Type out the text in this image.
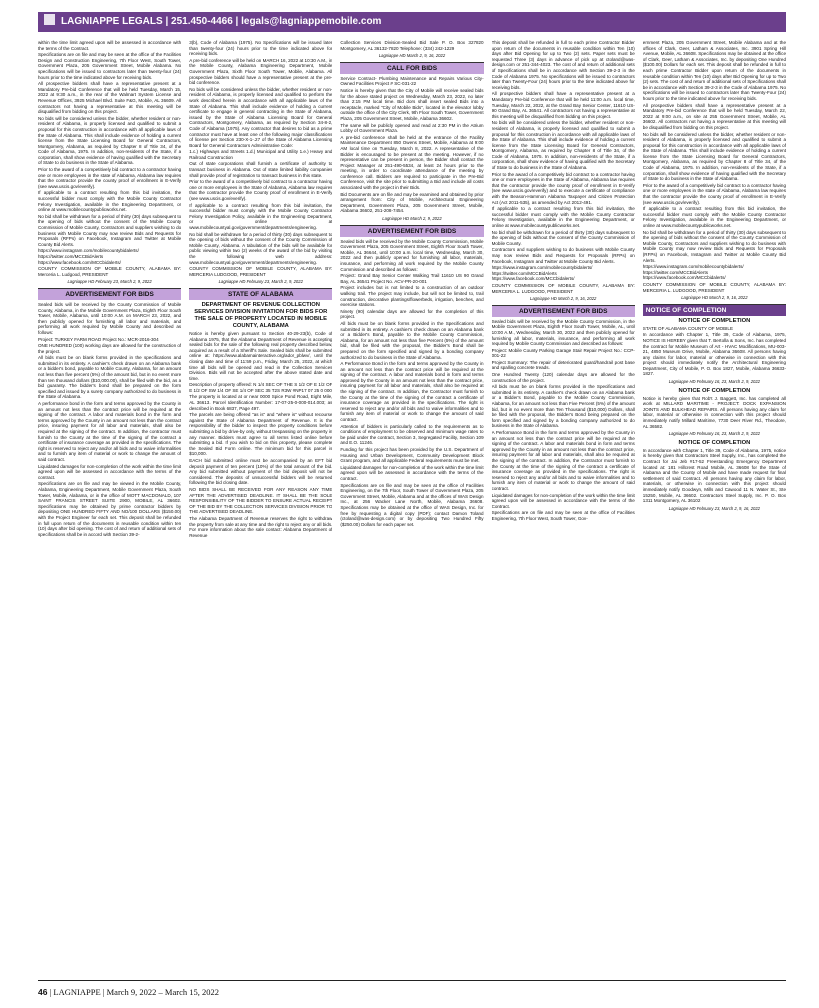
LAGNIAPPE LEGALS | 251.450-4466 | legals@lagniappemobile.com

within the time limit agreed upon will be assessed in accordance with the terms of the Contract.

Specifications are on file and may be seen at the office of the Facilities Design and Construction Engineering, 7th Floor West, South Tower, Government Plaza, 205 Government Street, Mobile Alabama. No specifications will be issued to contractors later than twenty-four (24) hours prior to the time indicated above for receiving bids.

All prospective bidders shall have a representative present at a Mandatory Pre-bid Conference that will be held Tuesday, March 15, 2022 at 9:30 a.m., in the rear of the Walmart System License and Revenue Offices, 3925 Michael Blvd. Suite F&G, Mobile, AL 36609. All contractors not having a representative at this meeting will be disqualified from bidding on this project.

No bids will be considered unless the bidder, whether resident or non-resident of Alabama, is properly licensed and qualified to submit a proposal for this construction in accordance with all applicable laws of the State of Alabama. This shall include evidence of holding a current license from the State Licensing Board for General Contractors, Montgomery, Alabama, as required by Chapter 8 of Title 34, of the Code of Alabama, 1975. In addition, non-residents of the State, if a corporation, shall show evidence of having qualified with the Secretary of State to do business in the State of Alabama.

Prior to the award of a competitively bid contract to a contractor having one or more employees in the state of Alabama, Alabama law requires that the contractor provide the county proof of enrollment in E-Verify (see www.uscis.gov/everify).

If applicable to a contract resulting from this bid invitation, the successful bidder must comply with the Mobile County Contractor Felony Investigation, available in the Engineering Department, or online at www.mobilecountypublicworks.net.

No bid shall be withdrawn for a period of thirty (30) days subsequent to the opening of bids without the consent of the Mobile County Commission of Mobile County, Contractors and suppliers wishing to do business with Mobile County may now review Bids and Requests for Proposals (RFPs) on Facebook, Instagram and Twitter at Mobile County Bid Alerts.

https://www.instagram.com/mobilecountybidalerts/ https://twitter.com/MCCBidAlerts https://www.facebook.com/MCCbidalerts/

COUNTY COMMISSION OF MOBILE COUNTY, ALABAMA BY: Merceria L. Ludgood, PRESIDENT

Lagniappe HD February 23, March 2, 9, 2022
ADVERTISEMENT FOR BIDS

Sealed bids will be received by the County Commission of Mobile County, Alabama, in the Mobile Government Plaza, Eighth Floor South Tower, Mobile, Alabama, until 10:00 A.M. on MARCH 23, 2022, and then publicly opened for furnishing all labor and materials, and performing all work required by Mobile County and described as follows:

Project: TURKEY FARM ROAD Project No.: MCR-2016-304

ONE HUNDRED (100) working days are allowed for the construction of the project.

All bids must be on blank forms provided in the specifications and submitted in its entirety. A cashier's check drawn on an Alabama bank or a bidder's bond, payable to Mobile County, Alabama, for an amount not less than five percent (5%) of the amount bid, but in no event more than ten thousand dollars ($10,000.00), shall be filed with the bid, as a bid guaranty. The bidder's bond shall be prepared on the form specified and issued by a surety company authorized to do business in the State of Alabama.

A performance bond in the form and terms approved by the County in an amount not less than the contract price will be required at the signing of the contract. A labor and materials bond in the form and terms approved by the County in an amount not less than the contract price, insuring payment for all labor and materials, shall also be required at the signing of the contract. In addition, the contractor must furnish to the County at the time of the signing of the contract a certificate of insurance coverage as provided in the specifications. The right is reserved to reject any and/or all bids and to waive informalities and to furnish any item of material or work to change the amount of said contract.

Liquidated damages for non-completion of the work within the time limit agreed upon will be assessed in accordance with the terms of the contract.

Specifications are on file and may be viewed in the Mobile County, Alabama, Engineering Department, Mobile Government Plaza, South Tower, Mobile, Alabama, or in the office of MOTT MACDONALD, 107 SAINT FRANCIS STREET SUITE 2900, MOBILE, AL 36602. Specifications may be obtained by prime contractor bidders by depositing ONE HUNDRED FIFTY AND NO/100 DOLLARS ($150.00) with the Project Engineer for each set. This deposit shall be refunded in full upon return of the documents in reusable condition within ten (10) days after bid opening. The cost of and return of additional sets of specifications shall be in accord with Section 39-2-

3(b), Code of Alabama (1975). No Specifications will be issued later than twenty-four (24) hours prior to the time indicated above for receiving bids.

A pre-bid conference will be held on MARCH 16, 2022 at 10:30 A.M., in the Mobile County, Alabama Engineering Department, Mobile Government Plaza, Sixth Floor South Tower, Mobile, Alabama. All prospective bidders should have a representative present at the pre-bid conference.

No bids will be considered unless the bidder, whether resident or non-resident of Alabama, is properly licensed and qualified to perform the work described herein in accordance with all applicable laws of the State of Alabama. This shall include evidence of holding a current certificate to engage in general contracting in the State of Alabama, issued by the State of Alabama Licensing Board for General Contractors, Montgomery, Alabama, as required by Section 34-8-2, Code of Alabama (1975). Any contractor that desires to bid as a prime contractor must have at least one of the following major classifications of license per Section 230-X-1-.27 of the State of Alabama Licensing Board for General Contractors Administrative Code:

1.c.) Highways and Streets 1.d.) Municipal and Utility 1.e.) Heavy and Railroad Construction

Out of state corporations shall furnish a certificate of authority to transact business in Alabama. Out of state limited liability companies shall provide proof of registration to transact business in this state.

Prior to the award of a competitively bid contract to a contractor having one or more employees in the State of Alabama, Alabama law requires that the contractor provide the County proof of enrollment in E-Verify (see www.uscis.gov/everify).

If applicable to a contract resulting from this bid invitation, the successful bidder must comply with the Mobile County Contractor Felony Investigation Policy, available in the Engineering Department, or online at www.mobilecountyal.gov/government/departments/engineering.

No bid shall be withdrawn for a period of thirty (30) days subsequent to the opening of bids without the consent of the County Commission of Mobile County, Alabama. A tabulation of the bids will be available for public viewing within two (2) weeks of the award of the bid by visiting the following web address: www.mobilecountyal.gov/government/departments/engineering.

COUNTY COMMISSION OF MOBILE COUNTY, ALABAMA BY: MERCERIA LUDGOOD, PRESIDENT

Lagniappe HD February 23, March 2, 9, 2022
STATE OF ALABAMA
DEPARTMENT OF REVENUE COLLECTION SERVICES DIVISION INVITATION FOR BIDS FOR THE SALE OF PROPERTY LOCATED IN MOBILE COUNTY, ALABAMA

Notice is hereby given pursuant to Section 40-29-23(b), Code of Alabama 1975, that the Alabama Department of Revenue is accepting sealed bids for the sale of the following real property described below, acquired as a result of a Sheriff's Sale. Sealed bids shall be submitted online at: https://www.alabamainteractive.org/ador_pblwv/, until the closing date and time of 11:59 p.m., Friday, March 25, 2022, at which time all bids will be opened and read in the Collection Services Division. Bids will not be accepted after the above stated date and time.

Description of property offered: N 1/4 SEC OF THE S 1/2 OF E 1/2 OF E 1/2 OF SW 1/4 OF SE 1/4 OF SEC 35 T2S R3W #NP17 07 25 0 000

The property is located at or near 0000 Spice Pond Road, Eight Mile, AL 36613. Parcel Identification Number: 17-07-25-0-000-014.003; as described in Book 6837, Page 497.

The parcels are being offered "as is" and "where is" without recourse against the State of Alabama Department of Revenue. It is the responsibility of the bidder to inspect the property conditions before submitting a bid by drive-by only, without trespassing on the property in any manner. Bidders must agree to all terms listed online before submitting a bid. If you wish to bid on this property, please complete the Sealed Bid Form online. The minimum bid for this parcel is $10,000.

EACH bid submitted online must be accompanied by an EFT bid deposit payment of ten percent (10%) of the total amount of the bid. Any bid submitted without payment of the bid deposit will not be considered. The deposits of unsuccessful bidders will be returned following the bid closing date.

NO BIDS SHALL BE RECEIVED FOR ANY REASON ANY TIME AFTER THE ADVERTISED DEADLINE. IT SHALL BE THE SOLE RESPONSIBILITY OF THE BIDDER TO ENSURE ACTUAL RECEIPT OF THE BID BY THE COLLECTION SERVICES DIVISION PRIOR TO THE ADVERTISED DEADLINE.

The Alabama Department of Revenue reserves the right to withdraw the property from sale at any time and the right to reject any or all bids. For more information about the sale contact: Alabama Department of Revenue

Collection Services Division-Sealed Bid Sale P. O. Box 327820 Montgomery, AL 36132-7820 Telephone: (334) 242-1229

Lagniappe HD March 2, 9, 16, 2022
CALL FOR BIDS

Service Contract- Plumbing Maintenance and Repairs Various City-Owned Facilities Project # SC-031-22

Notice is hereby given that the City of Mobile will receive sealed bids for the above stated project on Wednesday, March 23, 2022, no later than 2:15 PM local time. Bid dors shall insert sealed Bids into a receptacle, marked "City of Mobile Bids", located in the elevator lobby outside the office of the City Clerk, 9th Floor South Tower, Government Plaza, 205 Government Street, Mobile, Alabama 36602.

The same will be publicly opened and read at 2:30 PM in the Atrium Lobby of Government Plaza.

A pre-bid conference shall be held at the entrance of the Facility Maintenance Department 850 Owens Street, Mobile, Alabama at 9:00 AM local time on Tuesday, March 8, 2022. A representative of the Bidder is encouraged to be present at the meeting. However, if no representative can be present in person, the Bidder shall contact the Project Manager at 251-490-5534, at least 24 hours prior to the meeting, in order to coordinate attendance of the meeting by conference call. Bidders are required to participate in the Pre-Bid Conference, visit the site prior to submitting a Bid and include all costs associated with the project in their Bids.

Bid Documents are on file and may be examined and obtained by prior arrangement from: City of Mobile, Architectural Engineering Department, Government Plaza, 205 Government Street, Mobile, Alabama 36602, 251-208-7454.

Lagniappe HD March 2, 9, 2022
ADVERTISEMENT FOR BIDS

Sealed bids will be received by the Mobile County Commission, Mobile Government Plaza, 205 Government Street, Eighth Floor South Tower, Mobile, AL 36644, until 10:00 a.m. local time, Wednesday, March 30, 2022 and then publicly opened for furnishing all labor, materials, insurance, and performing all work required by the Mobile County Commission and described as follows:

Project: Grand Bay Senior Center Walking Trail 11610 US 90 Grand Bay, AL 36541 Project No. ACV-PR-20-001

Project includes but is not limited to a construction of an outdoor walking trail. The project may include, but will not be limited to, trail construction, decorative plantings/flowerbeds, irrigation, benches, and exercise stations.

Ninety (90) calendar days are allowed for the completion of this project.

All bids must be on blank forms provided in the Specifications and submitted in its entirety. A cashier's check drawn on an Alabama bank or a Bidder's Bond, payable to the Mobile County Commission, Alabama, for an amount not less than five Percent (5%) of the amount bid, shall be filed with the proposal, the Bidder's Bond shall be prepared on the form specified and signed by a bonding company authorized to do business in the State of Alabama.

A Performance Bond in the form and terms approved by the County in an amount not less than the contract price will be required at the signing of the contract. A labor and materials bond in form and terms approved by the County in an amount not less than the contract price, insuring payment for all labor and materials, shall also be required at the signing of the contract. In addition, the Contractor must furnish to the County at the time of the signing of the contract a certificate of insurance coverage as provided in the specifications. The right is reserved to reject any and/or all bids and to waive informalities and to furnish any item of material or work to change the amount of said contract.

Attention of bidders is particularly called to the requirements as to conditions of employment to be observed and minimum wage rates to be paid under the contract, Section 3, Segregated Facility, Section 109 and E.O. 11246.

Funding for this project has been provided by the U.S. Department of Housing and Urban Development, Community Development Block Grant program, and all applicable Federal requirements must be met.

Liquidated damages for non-completion of the work within the time limit agreed upon will be assessed in accordance with the terms of the contract.

Specifications are on file and may be seen at the office of Facilities Engineering, on the 7th Floor, South Tower of Government Plaza, 205 Government Street, Mobile, Alabama and at the offices of WAS Design Inc., at 256 Wacker Lane North, Mobile, Alabama 36608. Specifications may be obtained at the office of WAS Design, Inc. for free by requesting a digital copy (PDF); contact Damon Toland (ctoland@was-design.com) or by depositing Two Hundred Fifty ($250.00) Dollars for each paper set.

This deposit shall be refunded in full to each prime Contractor Bidder upon return of the documents in reusable condition within Ten (10) days after Bid Opening for up to Two (2) sets. Paper sets must be requested Three (3) days in advance of pick up at ctoland@was-design.com or 251-344-4023. The cost of and return of additional sets of Specifications shall be in accordance with Section 39-2-3 in the Code of Alabama 1975. No specifications will be issued to contractors later than Twenty-Four (24) hours prior to the time indicated above for receiving bids.

All prospective bidders shall have a representative present at a Mandatory Pre-bid Conference that will be held 11:00 a.m. local time, Tuesday, March 22, 2022, at the Grand Bay Senior Center, 11610 US-90 Grand Bay, AL 36541. All contractors not having a representative at this meeting will be disqualified from bidding on this project.

No bids will be considered unless the bidder, whether resident or non-resident of Alabama, is properly licensed and qualified to submit a proposal for this construction in accordance with all applicable laws of the State of Alabama. This shall include evidence of holding a current license from the State Licensing Board for General Contractors, Montgomery, Alabama, as required by Chapter 8 of Title 34, of the Code of Alabama, 1975. In addition, non-residents of the State, if a corporation, shall show evidence of having qualified with the Secretary of State to do business in the State of Alabama.

Prior to the award of a competitively bid contract to a contractor having one or more employees in the State of Alabama, Alabama law requires that the contractor provide the county proof of enrollment in E-Verify (see www.uscis.gov/everify) and to execute a certificate of compliance with the Beason-Hammon Alabama Taxpayer and Citizen Protection Act (Act 2011-535), as amended by Act 2012-491.

If applicable to a contract resulting from this bid invitation, the successful bidder must comply with the Mobile County Contractor Felony Investigation, available in the Engineering Department, or online at www.mobilecountypublicworks.net.

No bid shall be withdrawn for a period of thirty (30) days subsequent to the opening of bids without the consent of the County Commission of Mobile County.

Contractors and suppliers wishing to do business with Mobile County may now review Bids and Requests for Proposals (RFPs) on Facebook, Instagram and Twitter at Mobile County Bid Alerts.

https://www.instagram.com/mobilecountybidalerts/ https://twitter.com/MCCBidAlerts https://www.facebook.com/MCCbidalerts/

COUNTY COMMISSION OF MOBILE COUNTY, ALABAMA BY: MERCERIA L. LUDGOOD, PRESIDENT

Lagniappe HD March 2, 9, 16, 2022
ADVERTISEMENT FOR BIDS

Sealed bids will be received by the Mobile County Commission, in the Mobile Government Plaza, Eighth Floor South Tower, Mobile, AL, until 10:00 A.M., Wednesday, March 30, 2022 and then publicly opened for furnishing all labor, materials, insurance, and performing all work required by Mobile County Commission and described as follows:

Project: Mobile County Parking Garage Stair Repair Project No.: CCP-001-22

Project Summary: The repair of deteriorated guard/handrail post base and spalling concrete treads.

One Hundred Twenty (120) calendar days are allowed for the construction of the project.

All bids must be on blank forms provided in the Specifications and submitted in its entirety. A cashier's check drawn on an Alabama bank or a Bidder's Bond, payable to the Mobile County Commission, Alabama, for an amount not less than Five Percent (5%) of the amount bid, but in no event more than Ten Thousand ($10,000) Dollars, shall be filed with the proposal, the Bidder's Bond being prepared on the form specified and signed by a bonding company authorized to do business in the State of Alabama.

A Performance Bond in the form and terms approved by the County in an amount not less than the contract price will be required at the signing of the contract. A labor and materials bond in form and terms approved by the County in an amount not less than the contract price, insuring payment for all labor and materials, shall also be required at the signing of the contract. In addition, the Contractor must furnish to the County at the time of the signing of the contract a certificate of insurance coverage as provided in the specifications. The right is reserved to reject any and/or all bids and to waive informalities and to furnish any item of material or work to change the amount of said contract.

Liquidated damages for non-completion of the work within the time limit agreed upon will be assessed in accordance with the terms of the Contract.

Specifications are on file and may be seen at the office of Facilities Engineering, 7th Floor West, South Tower, Gov-

ernment Plaza, 205 Government Street, Mobile Alabama and at the offices of Clark, Geer, Latham & Associates, Inc. 3901 Spring Hill Avenue, Mobile, AL 36608. Specifications may be obtained at the office of Clark, Geer, Latham & Associates, Inc. by depositing One Hundred ($100.00) Dollars for each set. This deposit shall be refunded in full to each prime Contractor Bidder upon return of the documents in reusable condition within Ten (10) days after Bid Opening for up to Two (2) sets. The cost of and return of additional sets of Specifications shall be in accordance with Section 39-2-3 in the Code of Alabama 1975. No specifications will be issued to contractors later than Twenty-Four (24) hours prior to the time indicated above for receiving bids.

All prospective bidders shall have a representative present at a Mandatory Pre-bid Conference that will be held Tuesday, March 22, 2022 at 9:00 a.m., on site at 255 Government Street, Mobile, AL 36602. All contractors not having a representative at this meeting will be disqualified from bidding on this project.

No bids will be considered unless the bidder, whether resident or non-resident of Alabama, is properly licensed and qualified to submit a proposal for this construction in accordance with all applicable laws of the State of Alabama. This shall include evidence of holding a current license from the State Licensing Board for General Contractors, Montgomery, Alabama, as required by Chapter 8 of Title 34, of the Code of Alabama, 1975. In addition, non-residents of the State, if a corporation, shall show evidence of having qualified with the Secretary of State to do business in the State of Alabama.

Prior to the award of a competitively bid contract to a contractor having one or more employees in the state of Alabama, Alabama law requires that the contractor provide the county proof of enrollment in E-Verify (see www.uscis.gov/everify).

If applicable to a contract resulting from this bid invitation, the successful bidder must comply with the Mobile County Contractor Felony Investigation, available in the Engineering Department, or online at www.mobilecountypublicworks.net.

No bid shall be withdrawn for a period of thirty (30) days subsequent to the opening of bids without the consent of the County Commission of Mobile County, Contractors and suppliers wishing to do business with Mobile County may now review Bids and Requests for Proposals (RFPs) on Facebook, Instagram and Twitter at Mobile County Bid Alerts.

https://www.instagram.com/mobilecountybidalerts/ https://twitter.com/MCCBidAlerts https://www.facebook.com/MCCbidalerts/

COUNTY COMMISSION OF MOBILE COUNTY, ALABAMA BY: MERCERIA L. LUDGOOD, PRESIDENT

Lagniappe HD March 2, 9, 16, 2022
NOTICE OF COMPLETION
NOTICE OF COMPLETION

STATE OF ALABAMA COUNTY OF MOBILE

In accordance with Chapter 1, Title 39, Code of Alabama, 1975, NOTICE IS HEREBY given that T. Bertolla & Sons, Inc. has completed the contract for Mobile Museum of Art - HVAC Modifications, MU-003-21, 4850 Museum Drive, Mobile, Alabama 36608. All persons having any claims for labor, material or otherwise in connection with this project should immediately notify the Architectural Engineering Department, City of Mobile, P. O. Box 1827, Mobile, Alabama 36633-1827.

Lagniappe HD February 16, 23, March 2, 9, 2022
NOTICE OF COMPLETION

Notice is hereby given that Rob't J. Baggett, Inc. has completed all work at MILLARD MARITIME - PROJECT: DOCK EXPANSION JOINTS AND BULKHEAD REPAIRS. All persons having any claim for labor, material or otherwise in connection with this project should immediately notify Millard Maritime, 7730 Deer River Rd., Theodore, AL 36582.

Lagniappe HD February 16, 23, March 2, 9, 2022
NOTICE OF COMPLETION

In accordance with Chapter 1, Title 39, Code of Alabama, 1975, notice is hereby given that Contractors Steel Supply, Inc., has completed the Contract for Jai Jeb #17-52 Freestanding Emergency Department located at: 181 Hillcrest Road Mobile, AL 36608 for the State of Alabama and the County of Mobile and have made request for final settlement of said Contract. All persons having any claim for labor, materials, or otherwise in connection with this project should immediately notify Goodwyn, Mills and Cawood 11 N. Water St., Ste 15250, Mobile, AL 36602. Contractors Steel Supply, Inc. P. O. Box 1311 Montgomery, AL 36102

Lagniappe HD February 23, March 2, 9, 16, 2022
46 | LAGNIAPPE | March 9, 2022 – March 15, 2022
